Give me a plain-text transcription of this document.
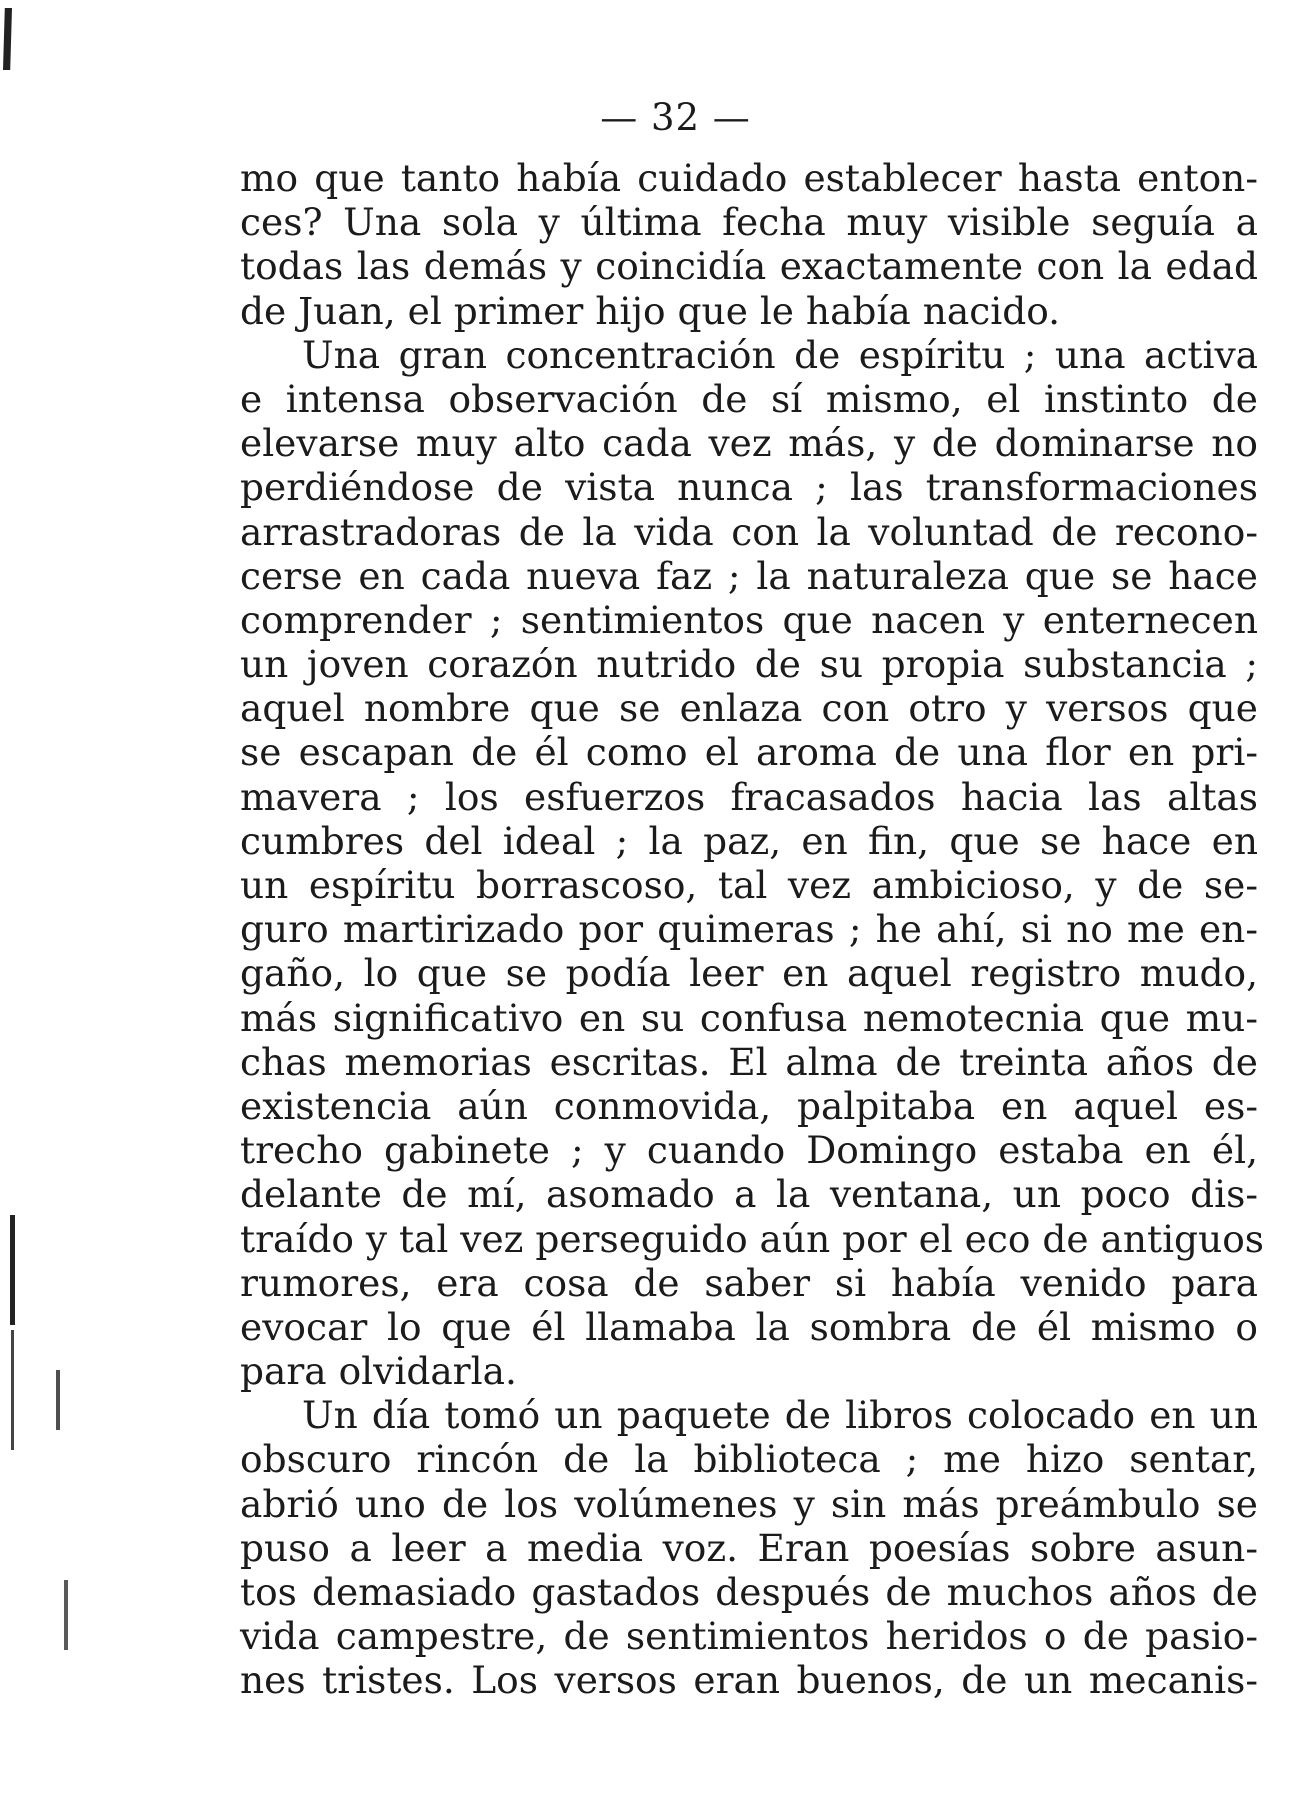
— 32 —
mo que tanto había cuidado establecer hasta enton-
ces? Una sola y última fecha muy visible seguía a
todas las demás y coincidía exactamente con la edad
de Juan, el primer hijo que le había nacido.
Una gran concentración de espíritu ; una activa
e intensa observación de sí mismo, el instinto de
elevarse muy alto cada vez más, y de dominarse no
perdiéndose de vista nunca ; las transformaciones
arrastradoras de la vida con la voluntad de recono-
cerse en cada nueva faz ; la naturaleza que se hace
comprender ; sentimientos que nacen y enternecen
un joven corazón nutrido de su propia substancia ;
aquel nombre que se enlaza con otro y versos que
se escapan de él como el aroma de una flor en pri-
mavera ; los esfuerzos fracasados hacia las altas
cumbres del ideal ; la paz, en fin, que se hace en
un espíritu borrascoso, tal vez ambicioso, y de se-
guro martirizado por quimeras ; he ahí, si no me en-
gaño, lo que se podía leer en aquel registro mudo,
más significativo en su confusa nemotecnia que mu-
chas memorias escritas. El alma de treinta años de
existencia aún conmovida, palpitaba en aquel es-
trecho gabinete ; y cuando Domingo estaba en él,
delante de mí, asomado a la ventana, un poco dis-
traído y tal vez perseguido aún por el eco de antiguos
rumores, era cosa de saber si había venido para
evocar lo que él llamaba la sombra de él mismo o
para olvidarla.
Un día tomó un paquete de libros colocado en un
obscuro rincón de la biblioteca ; me hizo sentar,
abrió uno de los volúmenes y sin más preámbulo se
puso a leer a media voz. Eran poesías sobre asun-
tos demasiado gastados después de muchos años de
vida campestre, de sentimientos heridos o de pasio-
nes tristes. Los versos eran buenos, de un mecanis-
